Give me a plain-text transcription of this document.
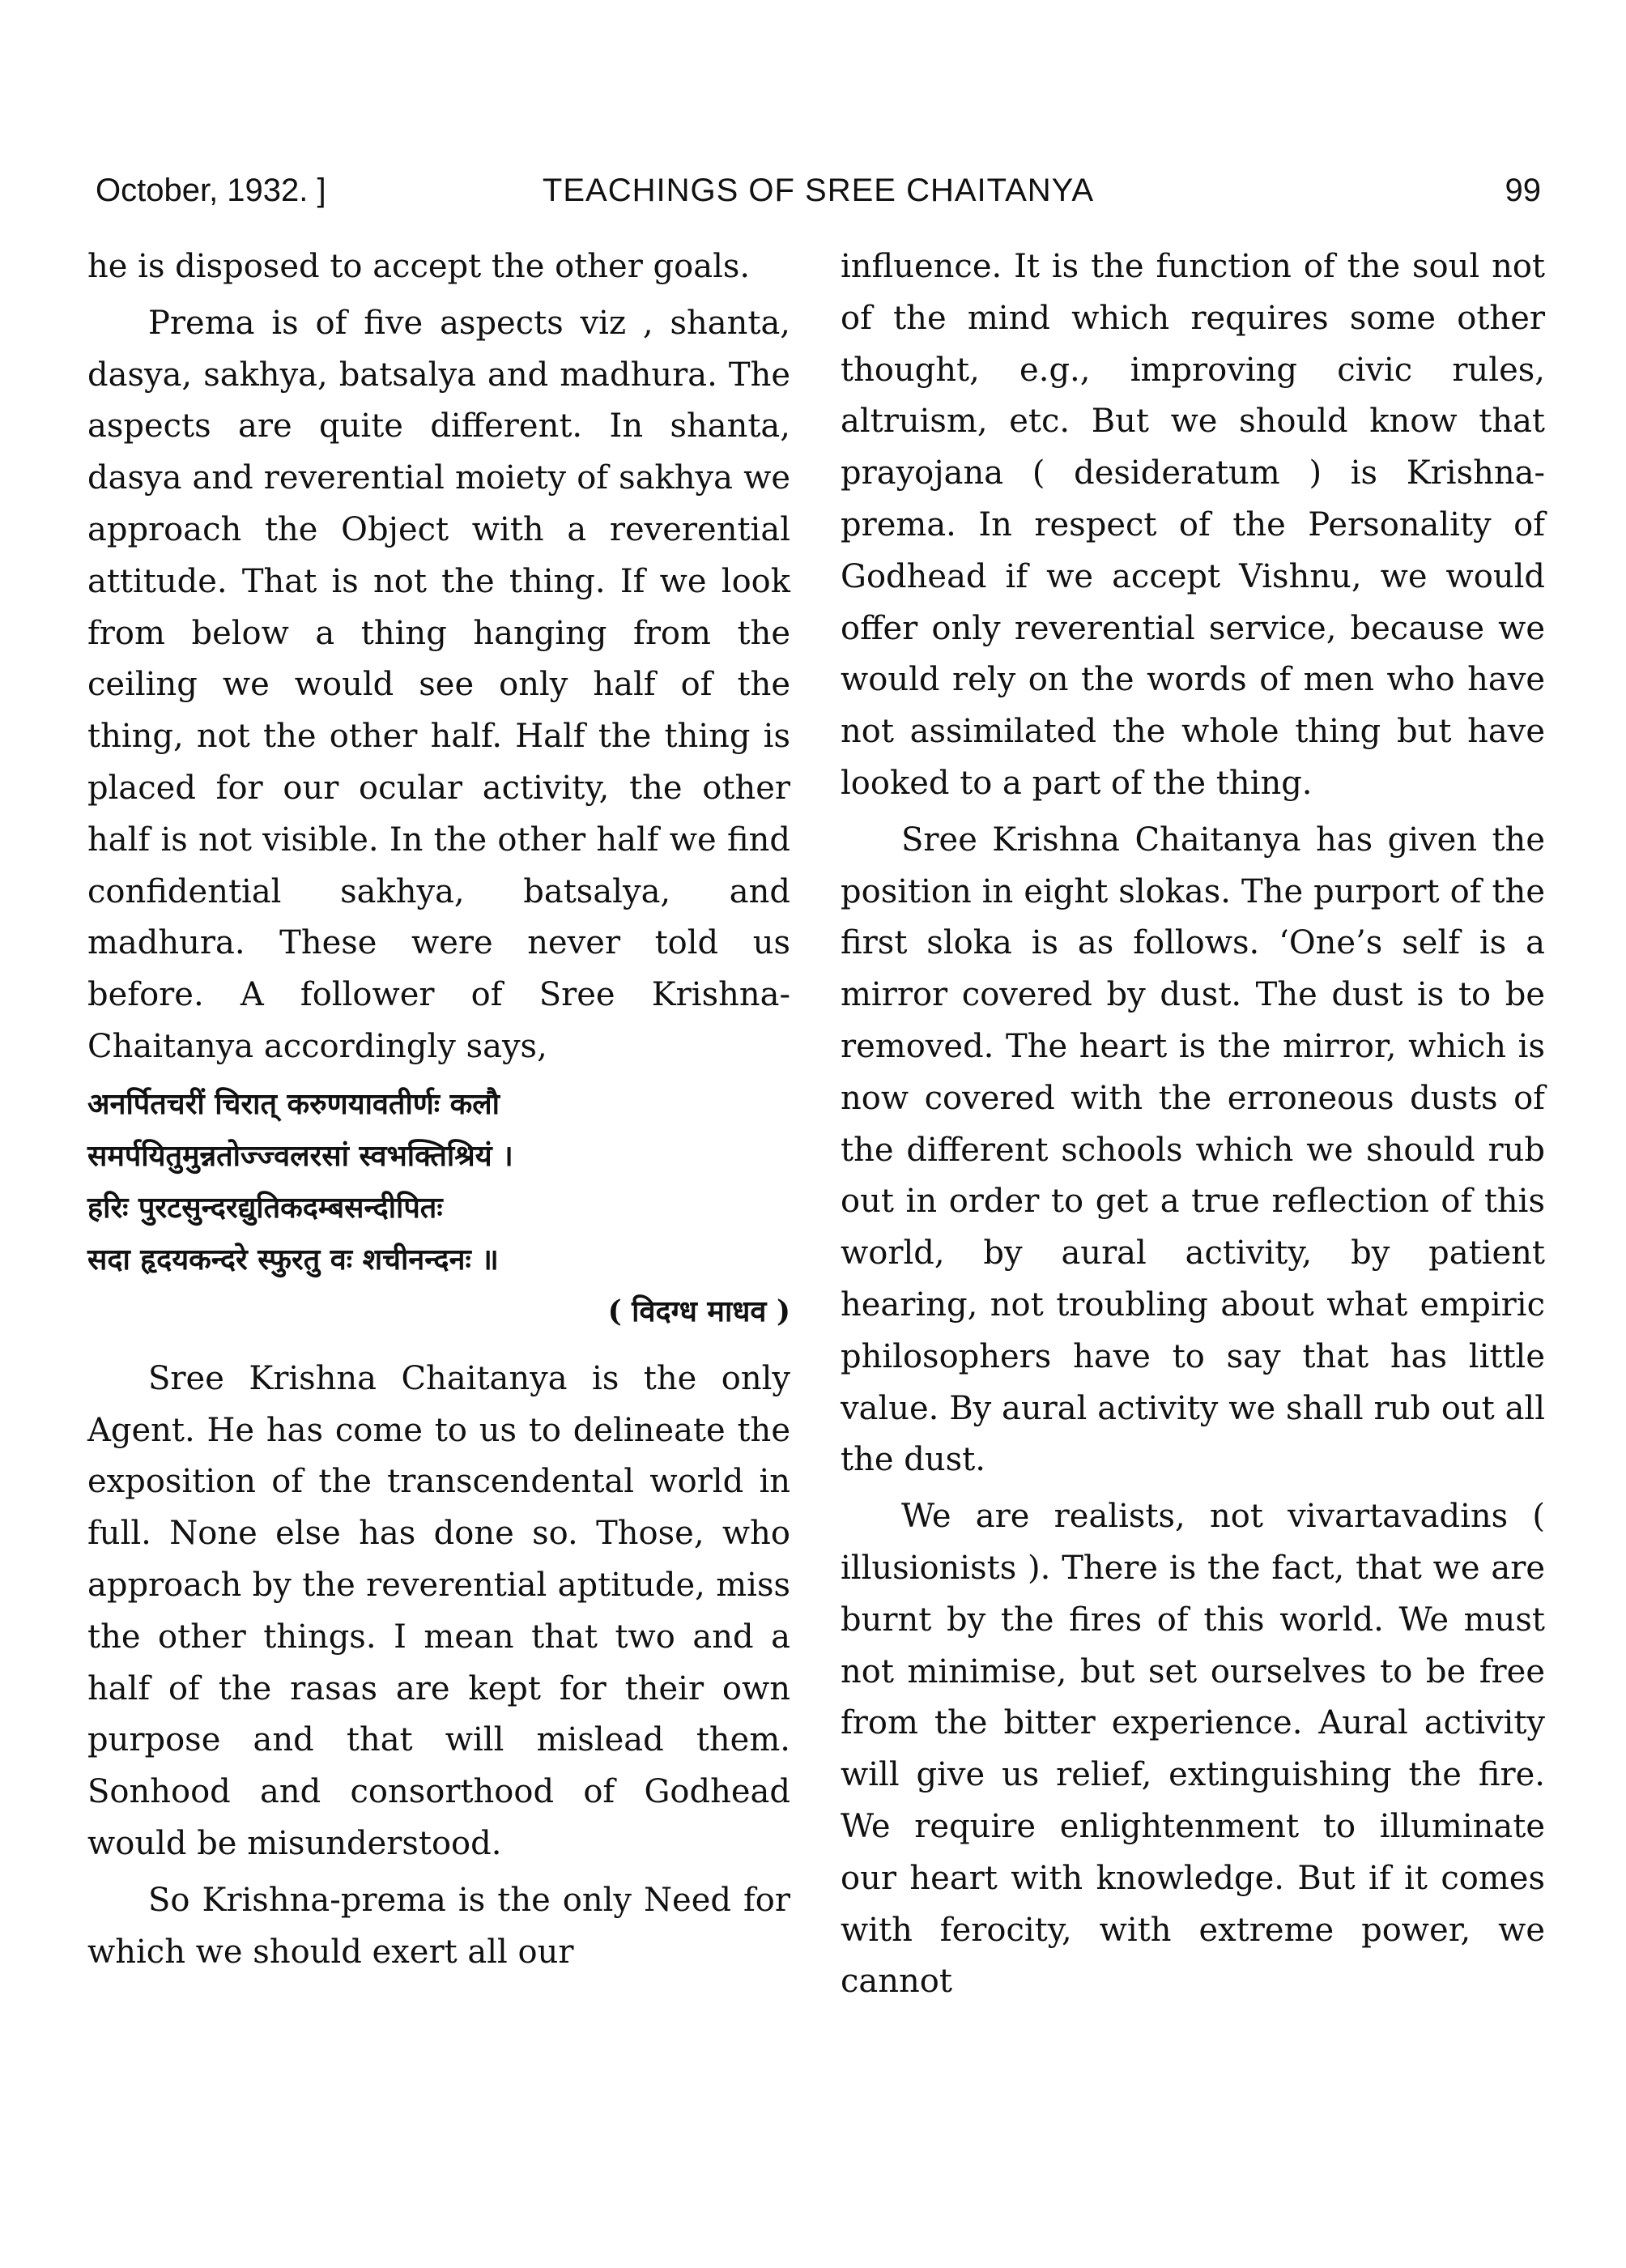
October, 1932. ]	TEACHINGS OF SREE CHAITANYA	99

he is disposed to accept the other goals.

Prema is of five aspects viz , shanta, dasya, sakhya, batsalya and madhura. The aspects are quite different. In shanta, dasya and reverential moiety of sakhya we approach the Object with a reverential attitude. That is not the thing. If we look from below a thing hanging from the ceiling we would see only half of the thing, not the other half. Half the thing is placed for our ocular activity, the other half is not visible. In the other half we find confidential sakhya, batsalya, and madhura. These were never told us before. A follower of Sree Krishna-Chaitanya accordingly says,

अनर्पितचरीं चिरात् करुणयावतीर्णः कलौ

समर्पयितुमुन्नतोज्ज्वलरसां स्वभक्तिश्रियं ।

हरिः पुरटसुन्दरद्युतिकदम्बसन्दीपितः

सदा हृदयकन्दरे स्फुरतु वः शचीनन्दनः ॥

( विदग्ध माधव )

Sree Krishna Chaitanya is the only Agent. He has come to us to delineate the exposition of the transcendental world in full. None else has done so. Those, who approach by the reverential aptitude, miss the other things. I mean that two and a half of the rasas are kept for their own purpose and that will mislead them. Sonhood and consorthood of Godhead would be misunderstood.

So Krishna-prema is the only Need for which we should exert all our

influence. It is the function of the soul not of the mind which requires some other thought, e.g., improving civic rules, altruism, etc. But we should know that prayojana ( desideratum ) is Krishna-prema. In respect of the Personality of Godhead if we accept Vishnu, we would offer only reverential service, because we would rely on the words of men who have not assimilated the whole thing but have looked to a part of the thing.

Sree Krishna Chaitanya has given the position in eight slokas. The purport of the first sloka is as follows. ‘One’s self is a mirror covered by dust. The dust is to be removed. The heart is the mirror, which is now covered with the erroneous dusts of the different schools which we should rub out in order to get a true reflection of this world, by aural activity, by patient hearing, not troubling about what empiric philosophers have to say that has little value. By aural activity we shall rub out all the dust.

We are realists, not vivartavadins ( illusionists ). There is the fact, that we are burnt by the fires of this world. We must not minimise, but set ourselves to be free from the bitter experience. Aural activity will give us relief, extinguishing the fire. We require enlightenment to illuminate our heart with knowledge. But if it comes with ferocity, with extreme power, we cannot
